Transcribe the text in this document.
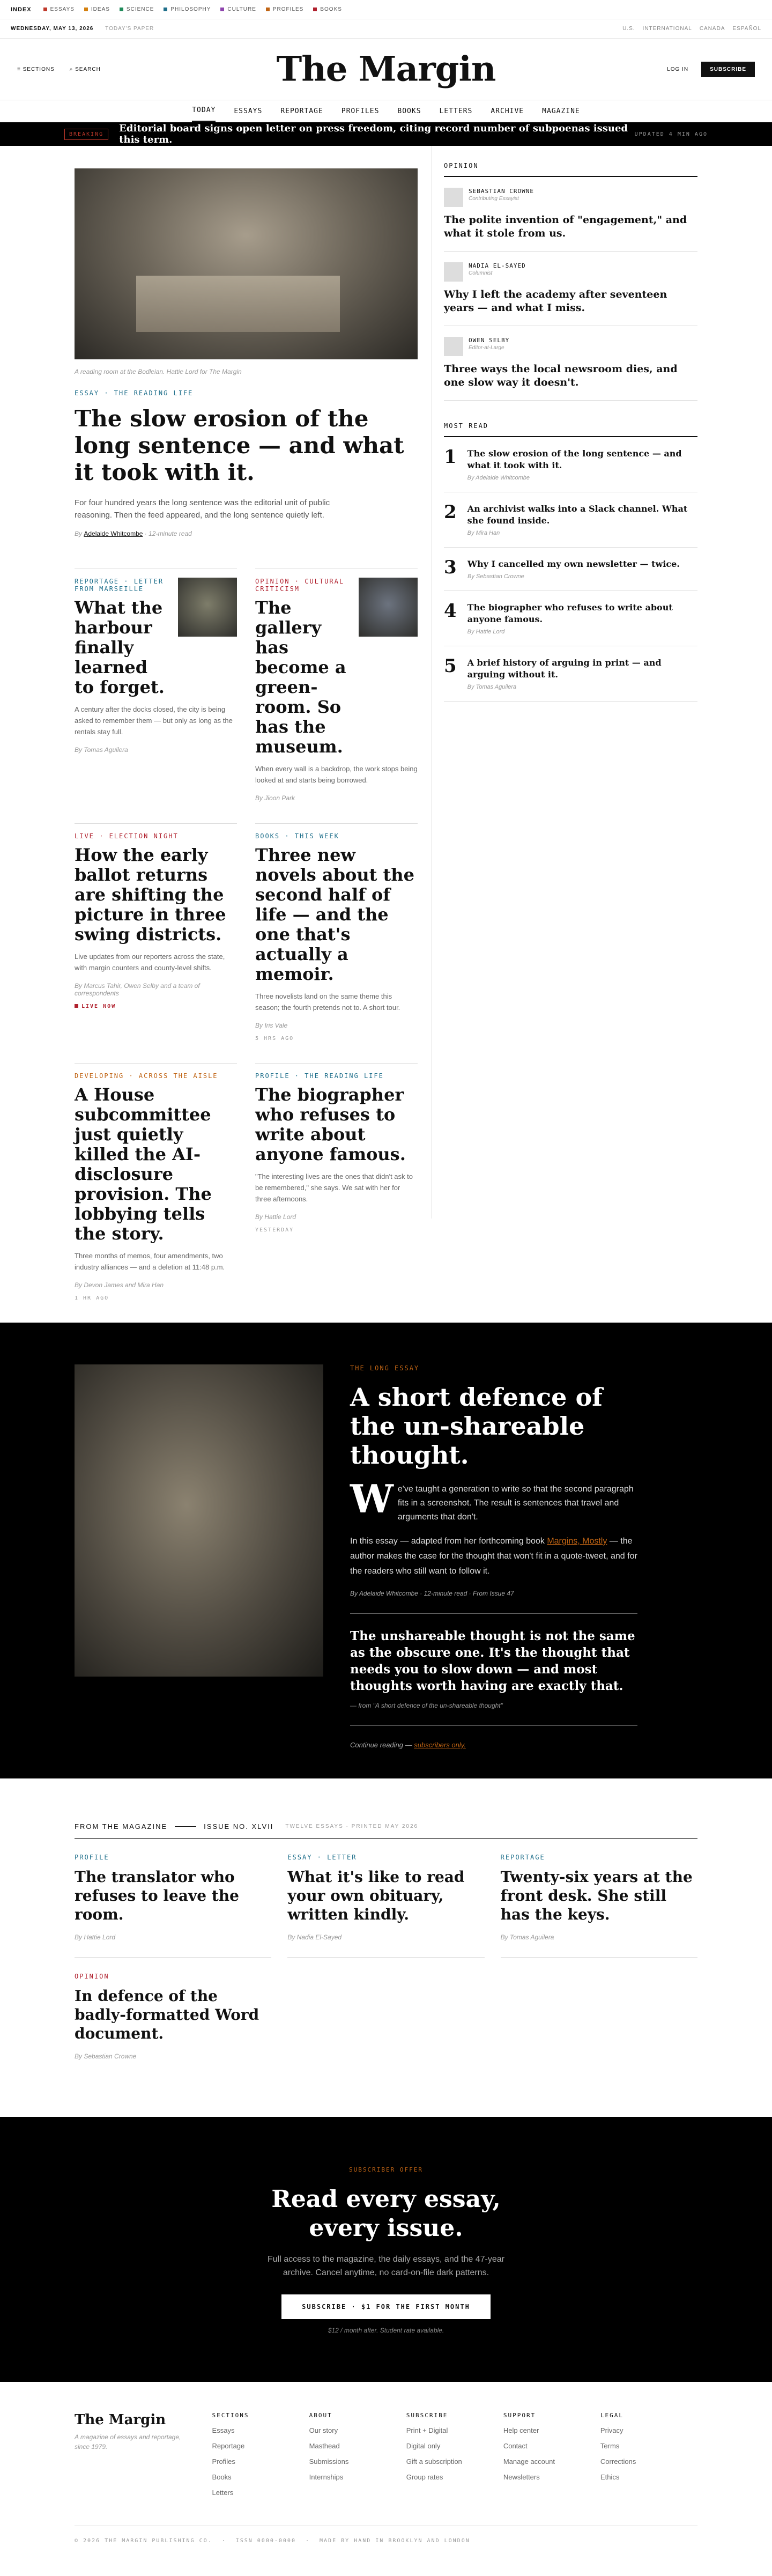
INDEX	ESSAYS	IDEAS	SCIENCE	PHILOSOPHY	CULTURE	PROFILES	BOOKS
WEDNESDAY, MAY 13, 2026 TODAY'S PAPER	U.S. INTERNATIONAL CANADA ESPAÑOL
≡ SECTIONS	⌕ SEARCH	The Margin	LOG IN	SUBSCRIBE
TODAY	ESSAYS	REPORTAGE	PROFILES	BOOKS	LETTERS	ARCHIVE	MAGAZINE
BREAKING	Editorial board signs open letter on press freedom, citing record number of subpoenas issued this term.	UPDATED 4 MIN AGO
A reading room at the Bodleian. Hattie Lord for The Margin
ESSAY · THE READING LIFE
The slow erosion of the long sentence — and what it took with it.
For four hundred years the long sentence was the editorial unit of public reasoning. Then the feed appeared, and the long sentence quietly left.
By Adelaide Whitcombe · 12-minute read
REPORTAGE · LETTER FROM MARSEILLE
What the harbour finally learned to forget.

A century after the docks closed, the city is being asked to remember them — but only as long as the rentals stay full.

By Tomas Aguilera
OPINION · CULTURAL CRITICISM
The gallery has become a green-room. So has the museum.

When every wall is a backdrop, the work stops being looked at and starts being borrowed.

By Jioon Park
LIVE · ELECTION NIGHT
How the early ballot returns are shifting the picture in three swing districts.

Live updates from our reporters across the state, with margin counters and county-level shifts.

By Marcus Tahir, Owen Selby and a team of correspondents
LIVE NOW
BOOKS · THIS WEEK
Three new novels about the second half of life — and the one that's actually a memoir.

Three novelists land on the same theme this season; the fourth pretends not to. A short tour.

By Iris Vale
5 HRS AGO
DEVELOPING · ACROSS THE AISLE
A House subcommittee just quietly killed the AI-disclosure provision. The lobbying tells the story.

Three months of memos, four amendments, two industry alliances — and a deletion at 11:48 p.m.

By Devon James and Mira Han
1 HR AGO
PROFILE · THE READING LIFE
The biographer who refuses to write about anyone famous.

"The interesting lives are the ones that didn't ask to be remembered," she says. We sat with her for three afternoons.

By Hattie Lord
YESTERDAY
OPINION
SEBASTIAN CROWNE
Contributing Essayist
The polite invention of "engagement," and what it stole from us.
NADIA EL-SAYED
Columnist
Why I left the academy after seventeen years — and what I miss.
OWEN SELBY
Editor-at-Large
Three ways the local newsroom dies, and one slow way it doesn't.
MOST READ
1 The slow erosion of the long sentence — and what it took with it.
By Adelaide Whitcombe
2 An archivist walks into a Slack channel. What she found inside.
By Mira Han
3 Why I cancelled my own newsletter — twice.
By Sebastian Crowne
4 The biographer who refuses to write about anyone famous.
By Hattie Lord
5 A brief history of arguing in print — and arguing without it.
By Tomas Aguilera
THE LONG ESSAY
A short defence of the un-shareable thought.
We've taught a generation to write so that the second paragraph fits in a screenshot. The result is sentences that travel and arguments that don't.
In this essay — adapted from her forthcoming book Margins, Mostly — the author makes the case for the thought that won't fit in a quote-tweet, and for the readers who still want to follow it.
By Adelaide Whitcombe · 12-minute read · From Issue 47
The unshareable thought is not the same as the obscure one. It's the thought that needs you to slow down — and most thoughts worth having are exactly that.
— from "A short defence of the un-shareable thought"
Continue reading — subscribers only.
FROM THE MAGAZINE	ISSUE NO. XLVII TWELVE ESSAYS · PRINTED MAY 2026
PROFILE
The translator who refuses to leave the room.
By Hattie Lord
ESSAY · LETTER
What it's like to read your own obituary, written kindly.
By Nadia El-Sayed
REPORTAGE
Twenty-six years at the front desk. She still has the keys.
By Tomas Aguilera
OPINION
In defence of the badly-formatted Word document.
By Sebastian Crowne
SUBSCRIBER OFFER
Read every essay, every issue.

Full access to the magazine, the daily essays, and the 47-year archive. Cancel anytime, no card-on-file dark patterns.

SUBSCRIBE · $1 FOR THE FIRST MONTH
$12 / month after. Student rate available.
The Margin
A magazine of essays and reportage, since 1979.
SECTIONS
Essays
Reportage
Profiles
Books
Letters
ABOUT
Our story
Masthead
Submissions
Internships
SUBSCRIBE
Print + Digital
Digital only
Gift a subscription
Group rates
SUPPORT
Help center
Contact
Manage account
Newsletters
LEGAL
Privacy
Terms
Corrections
Ethics
© 2026 THE MARGIN PUBLISHING CO. · ISSN 0000-0000 · MADE BY HAND IN BROOKLYN AND LONDON
